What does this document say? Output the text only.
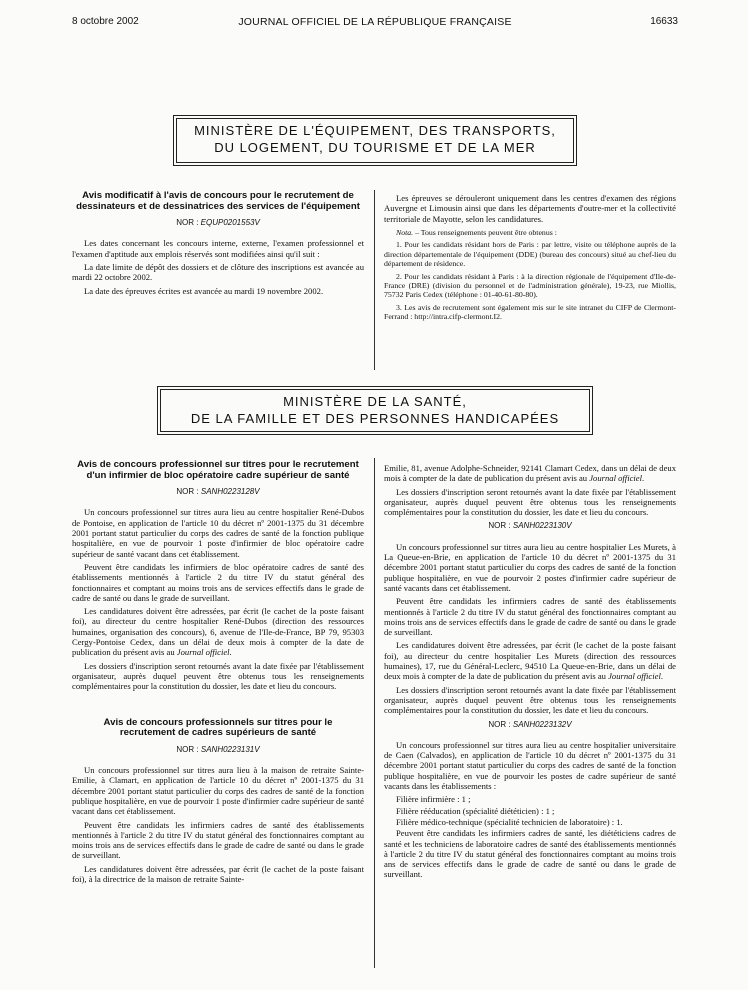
8 octobre 2002	JOURNAL OFFICIEL DE LA RÉPUBLIQUE FRANÇAISE	16633
MINISTÈRE DE L'ÉQUIPEMENT, DES TRANSPORTS,
DU LOGEMENT, DU TOURISME ET DE LA MER
Avis modificatif à l'avis de concours pour le recrutement de dessinateurs et de dessinatrices des services de l'équipement
NOR : EQUP0201553V

Les dates concernant les concours interne, externe, l'examen professionnel et l'examen d'aptitude aux emplois réservés sont modifiées ainsi qu'il suit :

La date limite de dépôt des dossiers et de clôture des inscriptions est avancée au mardi 22 octobre 2002.

La date des épreuves écrites est avancée au mardi 19 novembre 2002.

Les épreuves se dérouleront uniquement dans les centres d'examen des régions Auvergne et Limousin ainsi que dans les départements d'outre-mer et la collectivité territoriale de Mayotte, selon les candidatures.

Nota. – Tous renseignements peuvent être obtenus :

1. Pour les candidats résidant hors de Paris : par lettre, visite ou téléphone auprès de la direction départementale de l'équipement (DDE) (bureau des concours) situé au chef-lieu du département de résidence.

2. Pour les candidats résidant à Paris : à la direction régionale de l'équipement d'Ile-de-France (DRE) (division du personnel et de l'administration générale), 19-23, rue Miollis, 75732 Paris Cedex (téléphone : 01-40-61-80-80).

3. Les avis de recrutement sont également mis sur le site intranet du CIFP de Clermont-Ferrand : http://intra.cifp-clermont.I2.

MINISTÈRE DE LA SANTÉ,
DE LA FAMILLE ET DES PERSONNES HANDICAPÉES
Avis de concours professionnel sur titres pour le recrutement d'un infirmier de bloc opératoire cadre supérieur de santé
NOR : SANH0223128V

Un concours professionnel sur titres aura lieu au centre hospitalier René-Dubos de Pontoise, en application de l'article 10 du décret nº 2001-1375 du 31 décembre 2001 portant statut particulier du corps des cadres de santé de la fonction publique hospitalière, en vue de pourvoir 1 poste d'infirmier de bloc opératoire cadre supérieur de santé vacant dans cet établissement.

Peuvent être candidats les infirmiers de bloc opératoire cadres de santé des établissements mentionnés à l'article 2 du titre IV du statut général des fonctionnaires et comptant au moins trois ans de services effectifs dans le grade de cadre de santé ou dans le grade de surveillant.

Les candidatures doivent être adressées, par écrit (le cachet de la poste faisant foi), au directeur du centre hospitalier René-Dubos (direction des ressources humaines, organisation des concours), 6, avenue de l'Ile-de-France, BP 79, 95303 Cergy-Pontoise Cedex, dans un délai de deux mois à compter de la date de publication du présent avis au Journal officiel.

Les dossiers d'inscription seront retournés avant la date fixée par l'établissement organisateur, auprès duquel peuvent être obtenus tous les renseignements complémentaires pour la constitution du dossier, les date et lieu du concours.

Avis de concours professionnels sur titres pour le recrutement de cadres supérieurs de santé
NOR : SANH0223131V

Un concours professionnel sur titres aura lieu à la maison de retraite Sainte-Emilie, à Clamart, en application de l'article 10 du décret nº 2001-1375 du 31 décembre 2001 portant statut particulier du corps des cadres de santé de la fonction publique hospitalière, en vue de pourvoir 1 poste d'infirmier cadre supérieur de santé vacant dans cet établissement.

Peuvent être candidats les infirmiers cadres de santé des établissements mentionnés à l'article 2 du titre IV du statut général des fonctionnaires comptant au moins trois ans de services effectifs dans le grade de cadre de santé ou dans le grade de surveillant.

Les candidatures doivent être adressées, par écrit (le cachet de la poste faisant foi), à la directrice de la maison de retraite Sainte-

Emilie, 81, avenue Adolphe-Schneider, 92141 Clamart Cedex, dans un délai de deux mois à compter de la date de publication du présent avis au Journal officiel.

Les dossiers d'inscription seront retournés avant la date fixée par l'établissement organisateur, auprès duquel peuvent être obtenus tous les renseignements complémentaires pour la constitution du dossier, les date et lieu du concours.

NOR : SANH0223130V

Un concours professionnel sur titres aura lieu au centre hospitalier Les Murets, à La Queue-en-Brie, en application de l'article 10 du décret nº 2001-1375 du 31 décembre 2001 portant statut particulier du corps des cadres de santé de la fonction publique hospitalière, en vue de pourvoir 2 postes d'infirmier cadre supérieur de santé vacants dans cet établissement.

Peuvent être candidats les infirmiers cadres de santé des établissements mentionnés à l'article 2 du titre IV du statut général des fonctionnaires comptant au moins trois ans de services effectifs dans le grade de cadre de santé ou dans le grade de surveillant.

Les candidatures doivent être adressées, par écrit (le cachet de la poste faisant foi), au directeur du centre hospitalier Les Murets (direction des ressources humaines), 17, rue du Général-Leclerc, 94510 La Queue-en-Brie, dans un délai de deux mois à compter de la date de publication du présent avis au Journal officiel.

Les dossiers d'inscription seront retournés avant la date fixée par l'établissement organisateur, auprès duquel peuvent être obtenus tous les renseignements complémentaires pour la constitution du dossier, les date et lieu du concours.

NOR : SANH0223132V

Un concours professionnel sur titres aura lieu au centre hospitalier universitaire de Caen (Calvados), en application de l'article 10 du décret nº 2001-1375 du 31 décembre 2001 portant statut particulier du corps des cadres de santé de la fonction publique hospitalière, en vue de pourvoir les postes de cadre supérieur de santé vacants dans les établissements :

Filière infirmière : 1 ;

Filière rééducation (spécialité diététicien) : 1 ;

Filière médico-technique (spécialité technicien de laboratoire) : 1.

Peuvent être candidats les infirmiers cadres de santé, les diététiciens cadres de santé et les techniciens de laboratoire cadres de santé des établissements mentionnés à l'article 2 du titre IV du statut général des fonctionnaires comptant au moins trois ans de services effectifs dans le grade de cadre de santé ou dans le grade de surveillant.
